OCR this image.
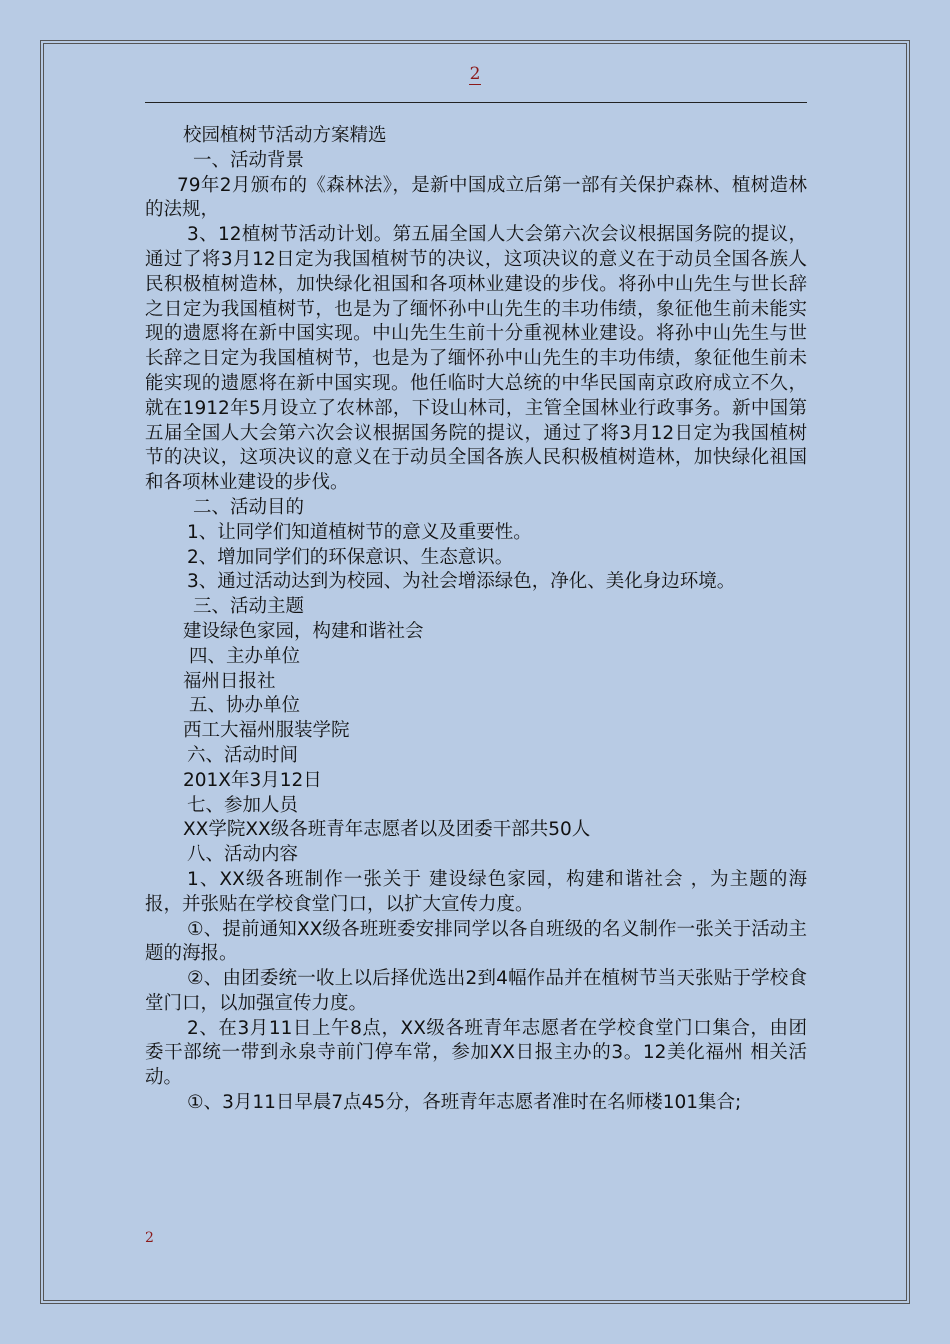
2

校园植树节活动方案精选

一、活动背景

79年2月颁布的《森林法》，是新中国成立后第一部有关保护森林、植树造林的法规，

3、12植树节活动计划。第五届全国人大会第六次会议根据国务院的提议，通过了将3月12日定为我国植树节的决议，这项决议的意义在于动员全国各族人民积极植树造林，加快绿化祖国和各项林业建设的步伐。将孙中山先生与世长辞之日定为我国植树节，也是为了缅怀孙中山先生的丰功伟绩，象征他生前未能实现的遗愿将在新中国实现。中山先生生前十分重视林业建设。将孙中山先生与世长辞之日定为我国植树节，也是为了缅怀孙中山先生的丰功伟绩，象征他生前未能实现的遗愿将在新中国实现。他任临时大总统的中华民国南京政府成立不久，就在1912年5月设立了农林部，下设山林司，主管全国林业行政事务。新中国第五届全国人大会第六次会议根据国务院的提议，通过了将3月12日定为我国植树节的决议，这项决议的意义在于动员全国各族人民积极植树造林，加快绿化祖国和各项林业建设的步伐。

二、活动目的

1、让同学们知道植树节的意义及重要性。

2、增加同学们的环保意识、生态意识。

3、通过活动达到为校园、为社会增添绿色，净化、美化身边环境。

三、活动主题

建设绿色家园，构建和谐社会

四、主办单位

福州日报社

五、协办单位

西工大福州服装学院

六、活动时间

201X年3月12日

七、参加人员

XX学院XX级各班青年志愿者以及团委干部共50人

八、活动内容

1、XX级各班制作一张关于 建设绿色家园，构建和谐社会 ，为主题的海报，并张贴在学校食堂门口，以扩大宣传力度。

①、提前通知XX级各班班委安排同学以各自班级的名义制作一张关于活动主题的海报。

②、由团委统一收上以后择优选出2到4幅作品并在植树节当天张贴于学校食堂门口，以加强宣传力度。

2、在3月11日上午8点，XX级各班青年志愿者在学校食堂门口集合，由团委干部统一带到永泉寺前门停车常，参加XX日报主办的3。12美化福州 相关活动。

①、3月11日早晨7点45分，各班青年志愿者准时在名师楼101集合;

2
